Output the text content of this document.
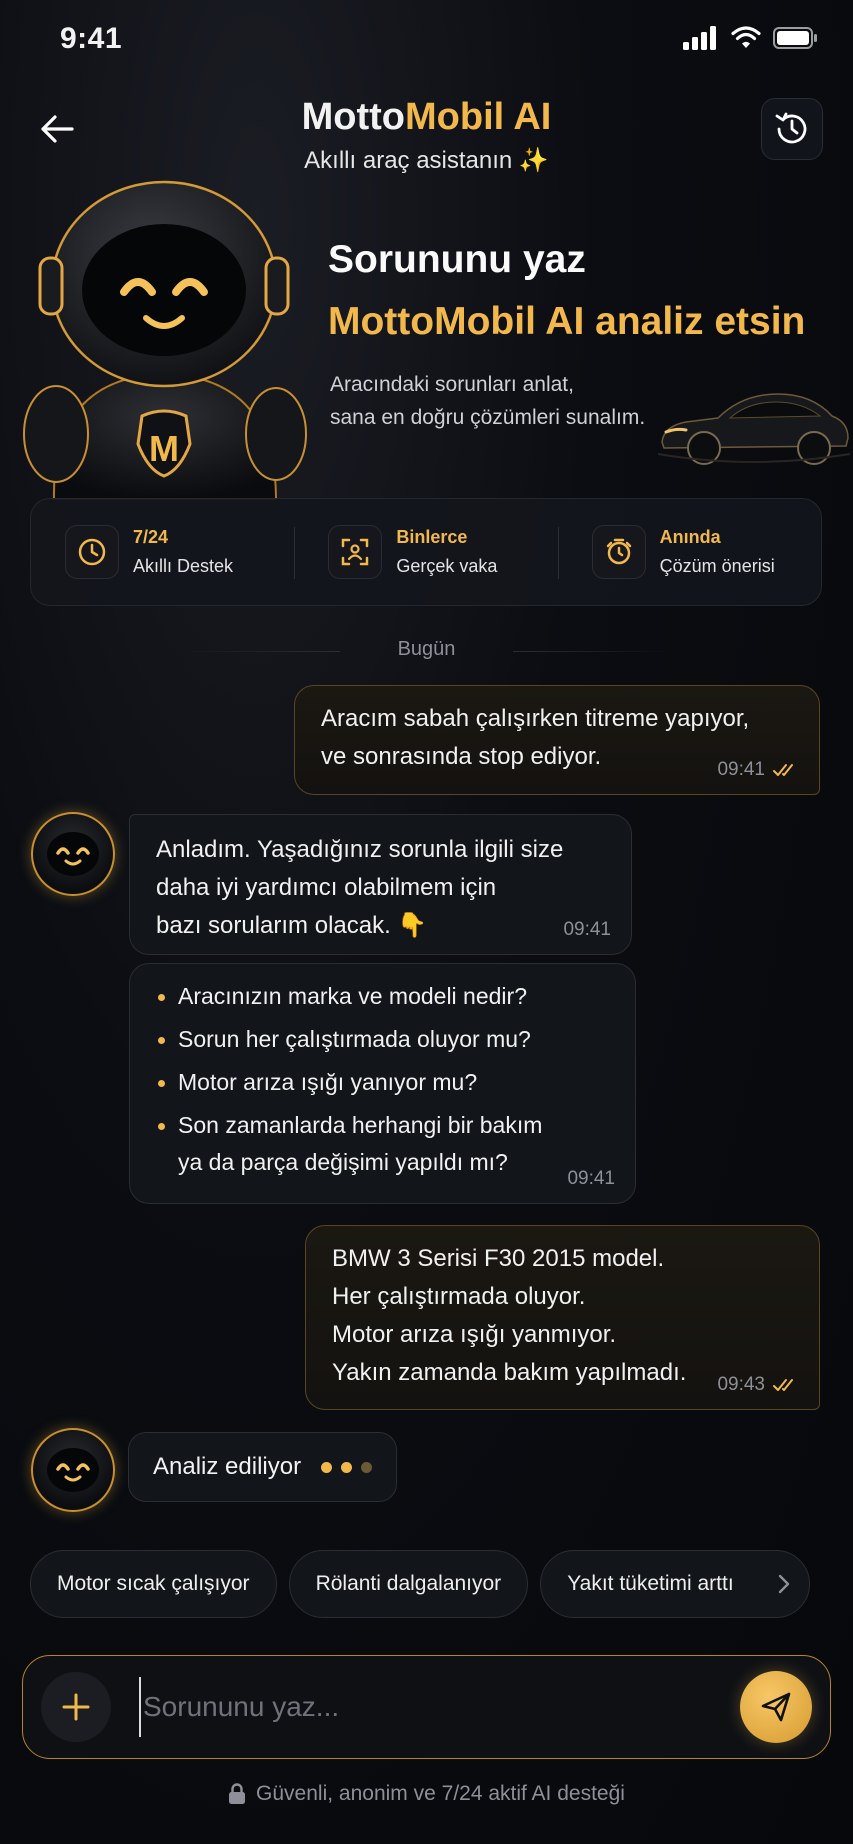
9:41
MottoMobil AI
Akıllı araç asistanın ✨
M
Sorununu yaz
MottoMobil AI analiz etsin
Aracındaki sorunları anlat,
sana en doğru çözümleri sunalım.
7/24
Akıllı Destek
Binlerce
Gerçek vaka
Anında
Çözüm önerisi
Bugün
Aracım sabah çalışırken titreme yapıyor,
ve sonrasında stop ediyor.	09:41
Anladım. Yaşadığınız sorunla ilgili size
daha iyi yardımcı olabilmem için
bazı sorularım olacak. 👇	09:41
Aracınızın marka ve modeli nedir?
Sorun her çalıştırmada oluyor mu?
Motor arıza ışığı yanıyor mu?
Son zamanlarda herhangi bir bakım
ya da parça değişimi yapıldı mı?
09:41
BMW 3 Serisi F30 2015 model.
Her çalıştırmada oluyor.
Motor arıza ışığı yanmıyor.
Yakın zamanda bakım yapılmadı.	09:43
Analiz ediliyor
Motor sıcak çalışıyor	Rölanti dalgalanıyor	Yakıt tüketimi arttı
Sorununu yaz...
Güvenli, anonim ve 7/24 aktif AI desteği
